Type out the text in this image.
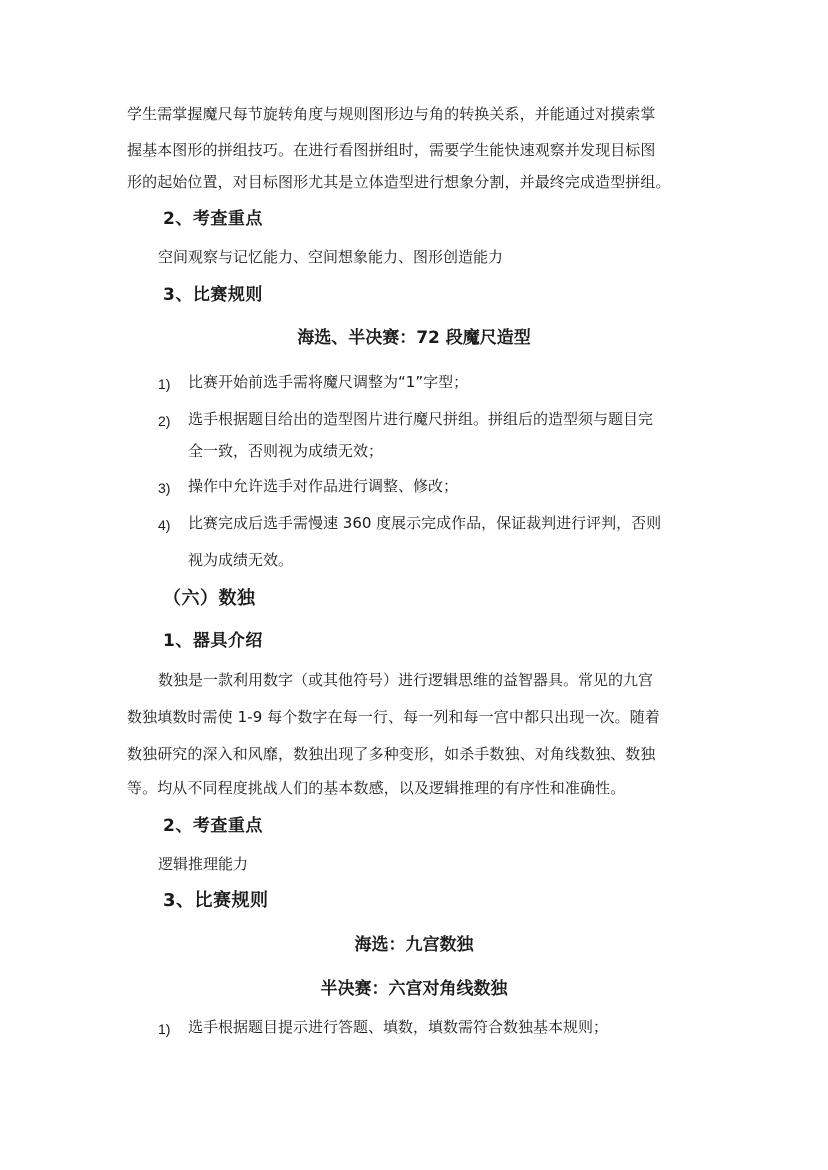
学生需掌握魔尺每节旋转角度与规则图形边与角的转换关系，并能通过对摸索掌

握基本图形的拼组技巧。在进行看图拼组时，需要学生能快速观察并发现目标图

形的起始位置，对目标图形尤其是立体造型进行想象分割，并最终完成造型拼组。

2、考查重点

空间观察与记忆能力、空间想象能力、图形创造能力

3、比赛规则
海选、半决赛：72 段魔尺造型
1) 比赛开始前选手需将魔尺调整为“1”字型；
2) 选手根据题目给出的造型图片进行魔尺拼组。拼组后的造型须与题目完
全一致，否则视为成绩无效；
3) 操作中允许选手对作品进行调整、修改；
4) 比赛完成后选手需慢速 360 度展示完成作品，保证裁判进行评判，否则
视为成绩无效。
（六）数独
1、器具介绍

数独是一款利用数字（或其他符号）进行逻辑思维的益智器具。常见的九宫

数独填数时需使 1-9 每个数字在每一行、每一列和每一宫中都只出现一次。随着

数独研究的深入和风靡，数独出现了多种变形，如杀手数独、对角线数独、数独

等。均从不同程度挑战人们的基本数感，以及逻辑推理的有序性和准确性。

2、考查重点

逻辑推理能力

3、比赛规则
海选：九宫数独
半决赛：六宫对角线数独
1) 选手根据题目提示进行答题、填数，填数需符合数独基本规则；
